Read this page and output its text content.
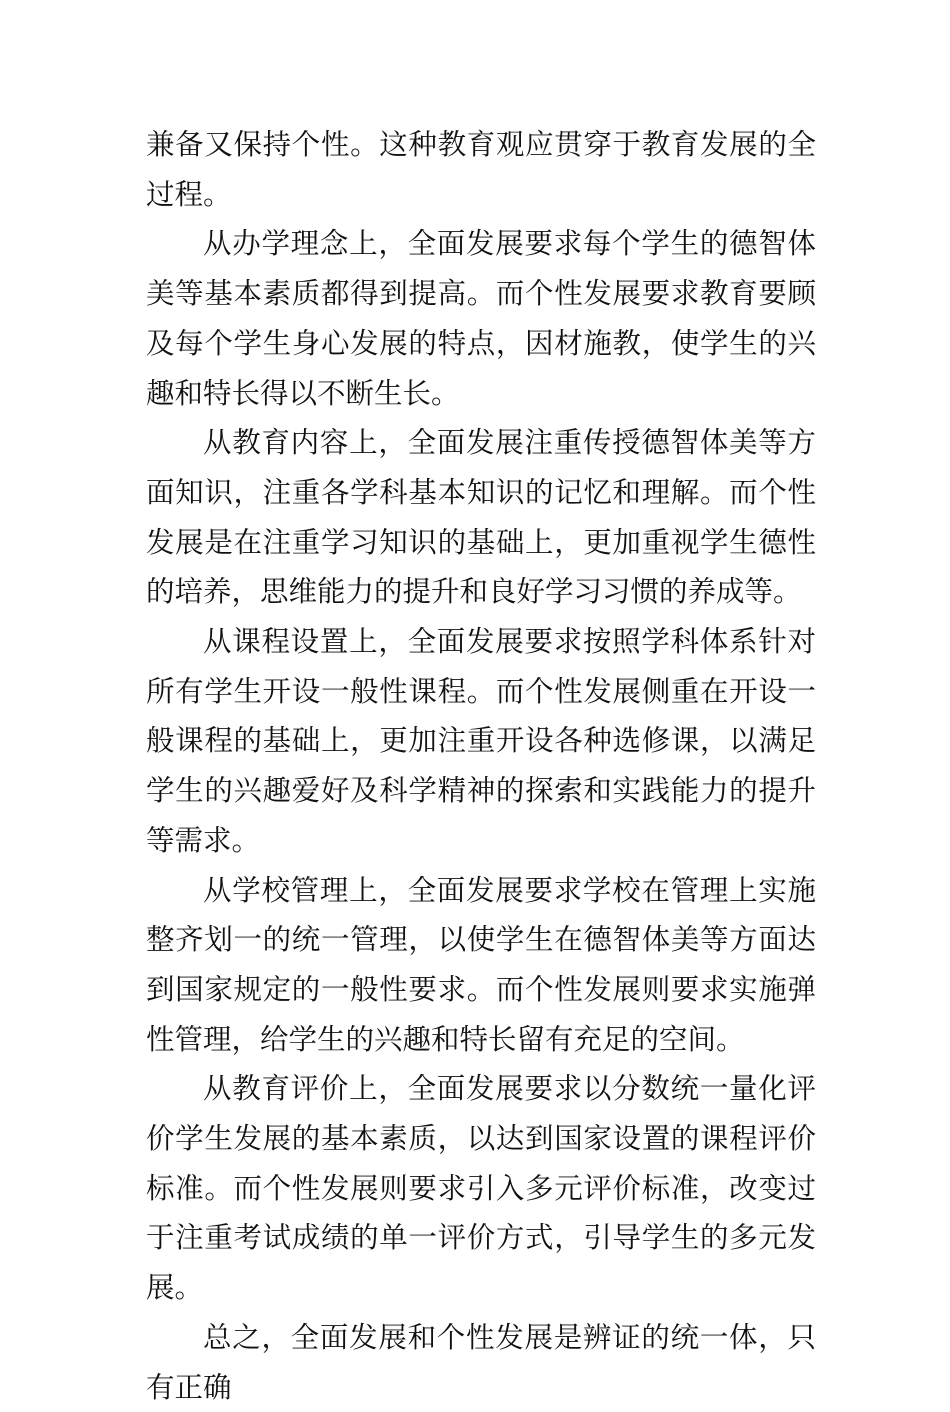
兼备又保持个性。这种教育观应贯穿于教育发展的全过程。

从办学理念上，全面发展要求每个学生的德智体美等基本素质都得到提高。而个性发展要求教育要顾及每个学生身心发展的特点，因材施教，使学生的兴趣和特长得以不断生长。

从教育内容上，全面发展注重传授德智体美等方面知识，注重各学科基本知识的记忆和理解。而个性发展是在注重学习知识的基础上，更加重视学生德性的培养，思维能力的提升和良好学习习惯的养成等。

从课程设置上，全面发展要求按照学科体系针对所有学生开设一般性课程。而个性发展侧重在开设一般课程的基础上，更加注重开设各种选修课，以满足学生的兴趣爱好及科学精神的探索和实践能力的提升等需求。

从学校管理上，全面发展要求学校在管理上实施整齐划一的统一管理，以使学生在德智体美等方面达到国家规定的一般性要求。而个性发展则要求实施弹性管理，给学生的兴趣和特长留有充足的空间。

从教育评价上，全面发展要求以分数统一量化评价学生发展的基本素质，以达到国家设置的课程评价标准。而个性发展则要求引入多元评价标准，改变过于注重考试成绩的单一评价方式，引导学生的多元发展。

总之，全面发展和个性发展是辨证的统一体，只有正确
